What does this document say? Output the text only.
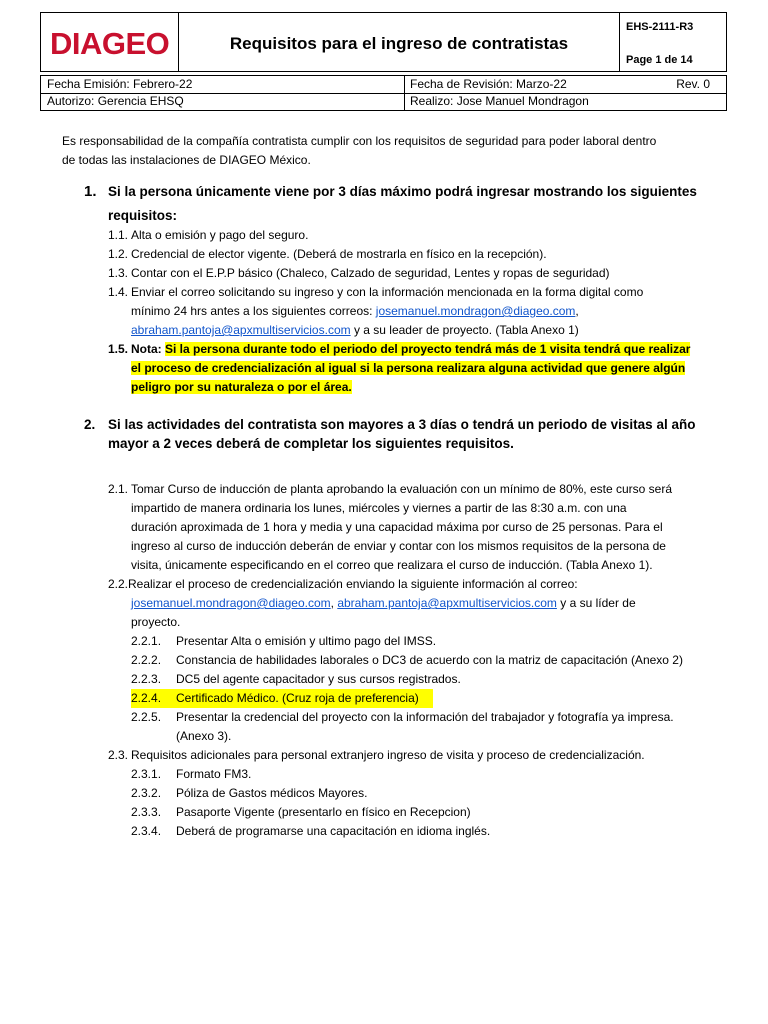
DIAGEO	Requisitos para el ingreso de contratistas
EHS-2111-R3
Page 1 de 14
Fecha Emisión: Febrero-22	Fecha de Revisión: Marzo-22	Rev. 0
Autorizo: Gerencia EHSQ	Realizo: Jose Manuel Mondragon
Es responsabilidad de la compañía contratista cumplir con los requisitos de seguridad para poder laboral dentro
de todas las instalaciones de DIAGEO México.
1. Si la persona únicamente viene por 3 días máximo podrá ingresar mostrando los siguientes
requisitos:
1.1. Alta o emisión y pago del seguro.
1.2. Credencial de elector vigente. (Deberá de mostrarla en físico en la recepción).
1.3. Contar con el E.P.P básico (Chaleco, Calzado de seguridad, Lentes y ropas de seguridad)
1.4. Enviar el correo solicitando su ingreso y con la información mencionada en la forma digital como
mínimo 24 hrs antes a los siguientes correos: josemanuel.mondragon@diageo.com,
abraham.pantoja@apxmultiservicios.com y a su leader de proyecto. (Tabla Anexo 1)
1.5. Nota: Si la persona durante todo el periodo del proyecto tendrá más de 1 visita tendrá que realizar
el proceso de credencialización al igual si la persona realizara alguna actividad que genere algún
peligro por su naturaleza o por el área.
2. Si las actividades del contratista son mayores a 3 días o tendrá un periodo de visitas al año
mayor a 2 veces deberá de completar los siguientes requisitos.
2.1. Tomar Curso de inducción de planta aprobando la evaluación con un mínimo de 80%, este curso será
impartido de manera ordinaria los lunes, miércoles y viernes a partir de las 8:30 a.m. con una
duración aproximada de 1 hora y media y una capacidad máxima por curso de 25 personas. Para el
ingreso al curso de inducción deberán de enviar y contar con los mismos requisitos de la persona de
visita, únicamente especificando en el correo que realizara el curso de inducción. (Tabla Anexo 1).
2.2. Realizar el proceso de credencialización enviando la siguiente información al correo:
josemanuel.mondragon@diageo.com, abraham.pantoja@apxmultiservicios.com y a su líder de
proyecto.
2.2.1. Presentar Alta o emisión y ultimo pago del IMSS.
2.2.2. Constancia de habilidades laborales o DC3 de acuerdo con la matriz de capacitación (Anexo 2)
2.2.3. DC5 del agente capacitador y sus cursos registrados.
2.2.4. Certificado Médico. (Cruz roja de preferencia)
2.2.5. Presentar la credencial del proyecto con la información del trabajador y fotografía ya impresa.
(Anexo 3).
2.3. Requisitos adicionales para personal extranjero ingreso de visita y proceso de credencialización.
2.3.1. Formato FM3.
2.3.2. Póliza de Gastos médicos Mayores.
2.3.3. Pasaporte Vigente (presentarlo en físico en Recepcion)
2.3.4. Deberá de programarse una capacitación en idioma inglés.
